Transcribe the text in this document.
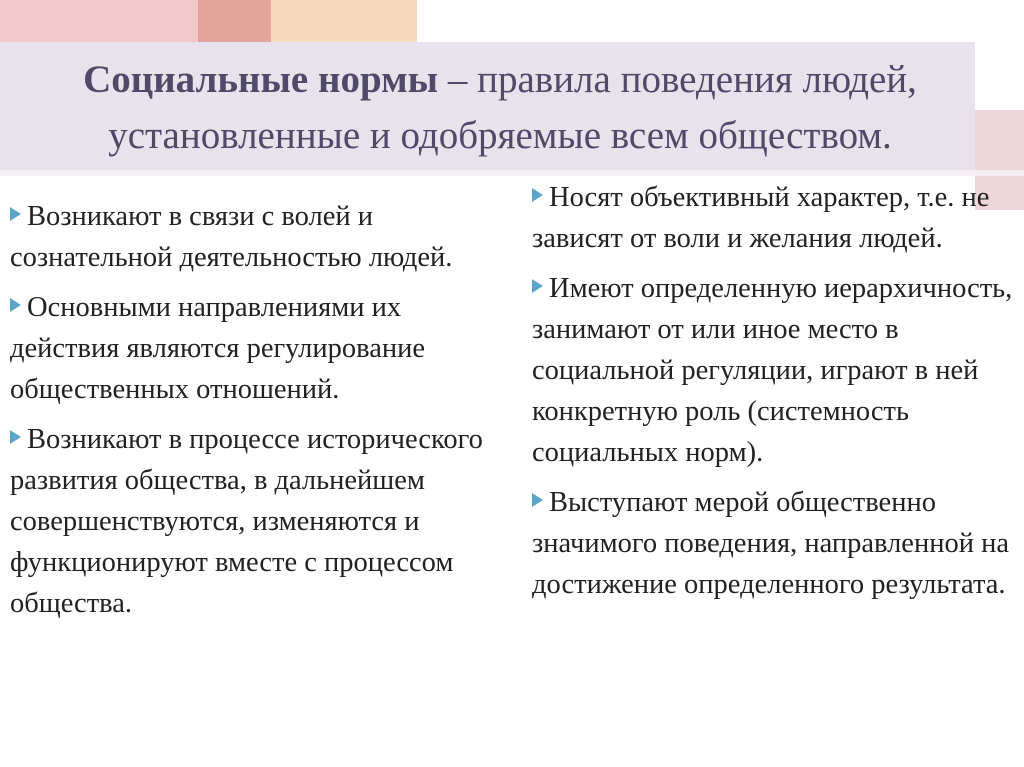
Социальные нормы – правила поведения людей, установленные и одобряемые всем обществом.

Возникают в связи с волей и сознательной деятельностью людей.

Основными направлениями их действия являются регулирование общественных отношений.

Возникают в процессе исторического развития общества, в дальнейшем совершенствуются, изменяются и функционируют вместе с процессом общества.

Носят объективный характер, т.е. не зависят от воли и желания людей.

Имеют определенную иерархичность, занимают от или иное место в социальной регуляции, играют в ней конкретную роль (системность социальных норм).

Выступают мерой общественно значимого поведения, направленной на достижение определенного результата.
